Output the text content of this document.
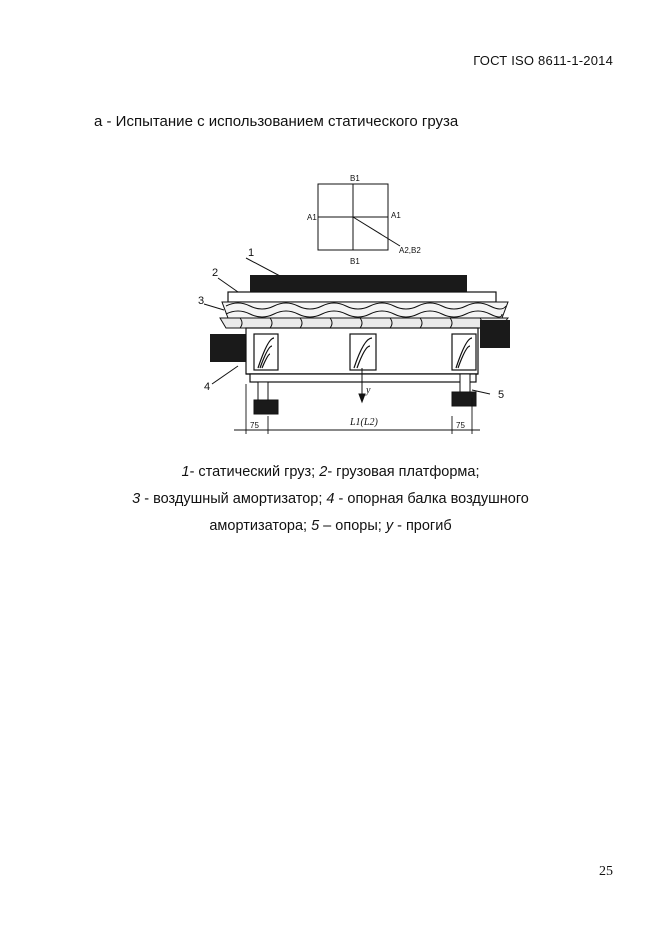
ГОСТ ISO 8611-1-2014
a - Испытание с использованием статического груза
B1
B1
A1	A1
A2,B2
y
75	75
L1(L2)
1
2
3
4
5
1- статический груз; 2- грузовая платформа;
3 - воздушный амортизатор; 4 - опорная балка воздушного
амортизатора; 5 – опоры; y - прогиб
25
